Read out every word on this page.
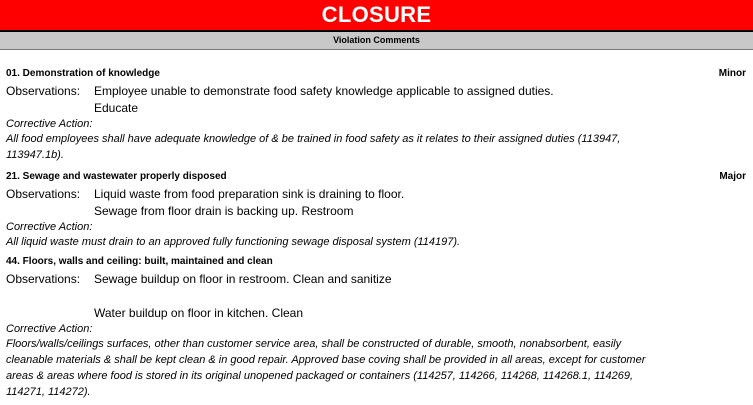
CLOSURE
Violation Comments
01. Demonstration of knowledge	Minor
Observations:	Employee unable to demonstrate food safety knowledge applicable to assigned duties.
Educate
Corrective Action:
All food employees shall have adequate knowledge of & be trained in food safety as it relates to their assigned duties (113947, 113947.1b).
21. Sewage and wastewater properly disposed	Major
Observations:	Liquid waste from food preparation sink is draining to floor.
Sewage from floor drain is backing up. Restroom
Corrective Action:
All liquid waste must drain to an approved fully functioning sewage disposal system (114197).
44. Floors, walls and ceiling: built, maintained and clean
Observations:	Sewage buildup on floor in restroom. Clean and sanitize
Water buildup on floor in kitchen. Clean
Corrective Action:
Floors/walls/ceilings surfaces, other than customer service area, shall be constructed of durable, smooth, nonabsorbent, easily cleanable materials & shall be kept clean & in good repair. Approved base coving shall be provided in all areas, except for customer areas & areas where food is stored in its original unopened packaged or containers (114257, 114266, 114268, 114268.1, 114269, 114271, 114272).
